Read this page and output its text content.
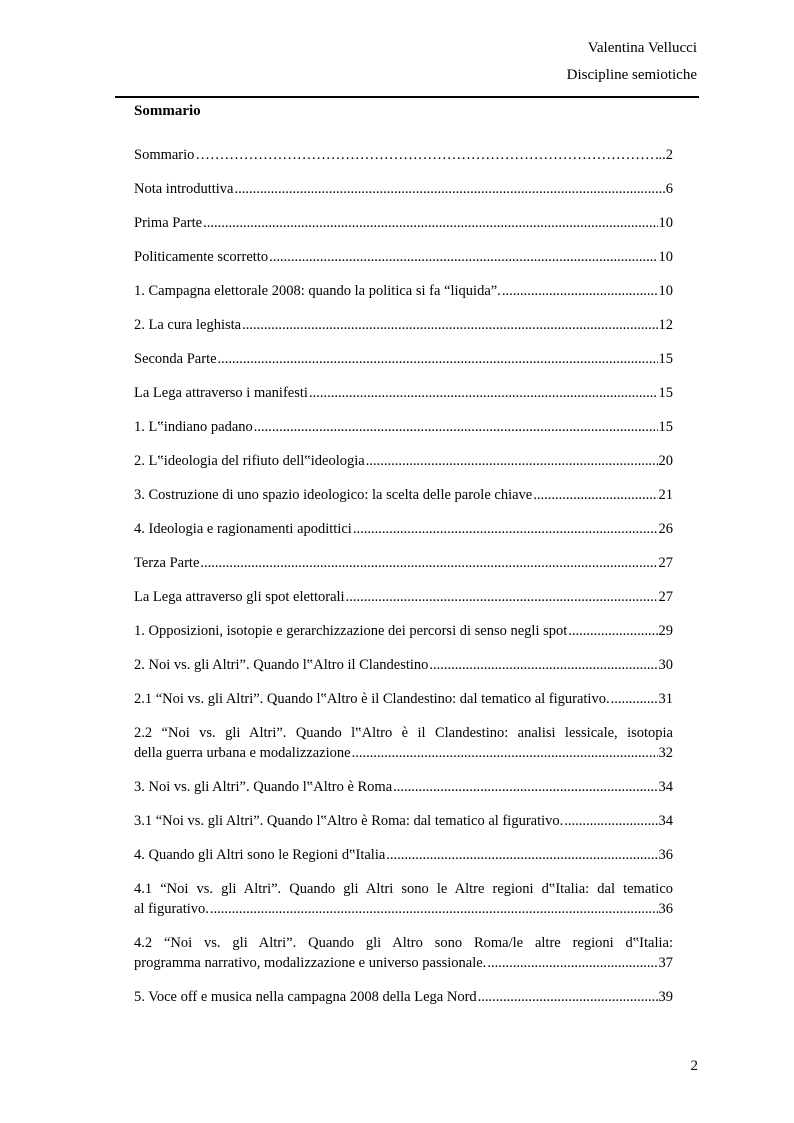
Valentina Vellucci
Discipline semiotiche
Sommario
Sommario …………………………………………………………………………………………………………………………………………	..2
Nota introduttiva .....	6
Prima Parte .....	10
Politicamente scorretto .....	10
1. Campagna elettorale 2008: quando la politica si fa “liquida”. .....	10
2. La cura leghista .....	12
Seconda Parte .....	15
La Lega attraverso i manifesti .....	15
1. L‟indiano padano .....	15
2. L‟ideologia del rifiuto dell‟ideologia .....	20
3. Costruzione di uno spazio ideologico: la scelta delle parole chiave .....	21
4. Ideologia e ragionamenti apodittici .....	26
Terza Parte .....	27
La Lega attraverso gli spot elettorali .....	27
1. Opposizioni, isotopie e gerarchizzazione dei percorsi di senso negli spot .....	29
2. Noi vs. gli Altri”. Quando l‟Altro il Clandestino .....	30
2.1 “Noi vs. gli Altri”. Quando l‟Altro è il Clandestino: dal tematico al figurativo. .....	31
2.2 “Noi vs. gli Altri”. Quando l‟Altro è il Clandestino: analisi lessicale, isotopia
della guerra urbana e modalizzazione .....	32
3. Noi vs. gli Altri”. Quando l‟Altro è Roma .....	34
3.1 “Noi vs. gli Altri”. Quando l‟Altro è Roma: dal tematico al figurativo. .....	34
4. Quando gli Altri sono le Regioni d‟Italia .....	36
4.1 “Noi vs. gli Altri”. Quando gli Altri sono le Altre regioni d‟Italia: dal tematico
al figurativo. .....	36
4.2 “Noi vs. gli Altri”. Quando gli Altro sono Roma/le altre regioni d‟Italia:
programma narrativo, modalizzazione e universo passionale. .....	37
5. Voce off e musica nella campagna 2008 della Lega Nord .....	39
2
